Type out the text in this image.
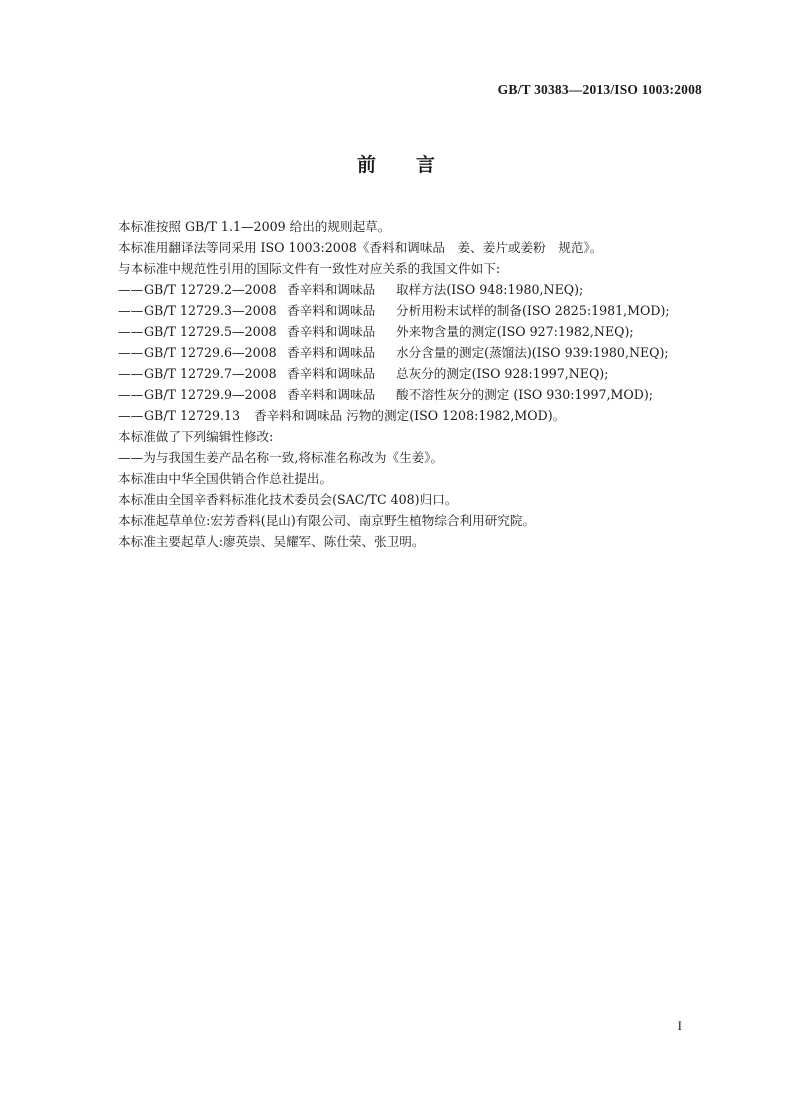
GB/T 30383—2013/ISO 1003:2008
前 言
本标准按照 GB/T 1.1—2009 给出的规则起草。
本标准用翻译法等同采用 ISO 1003:2008《香料和调味品　姜、姜片或姜粉　规范》。
与本标准中规范性引用的国际文件有一致性对应关系的我国文件如下:
——GB/T 12729.2—2008 香辛料和调味品 取样方法(ISO 948:1980,NEQ);
——GB/T 12729.3—2008 香辛料和调味品 分析用粉末试样的制备(ISO 2825:1981,MOD);
——GB/T 12729.5—2008 香辛料和调味品 外来物含量的测定(ISO 927:1982,NEQ);
——GB/T 12729.6—2008 香辛料和调味品 水分含量的测定(蒸馏法)(ISO 939:1980,NEQ);
——GB/T 12729.7—2008 香辛料和调味品 总灰分的测定(ISO 928:1997,NEQ);
——GB/T 12729.9—2008 香辛料和调味品 酸不溶性灰分的测定 (ISO 930:1997,MOD);
——GB/T 12729.13 香辛料和调味品 污物的测定(ISO 1208:1982,MOD)。
本标准做了下列编辑性修改:
——为与我国生姜产品名称一致,将标准名称改为《生姜》。
本标准由中华全国供销合作总社提出。
本标准由全国辛香料标准化技术委员会(SAC/TC 408)归口。
本标准起草单位:宏芳香料(昆山)有限公司、南京野生植物综合利用研究院。
本标准主要起草人:廖英崇、吴耀军、陈仕荣、张卫明。
I
